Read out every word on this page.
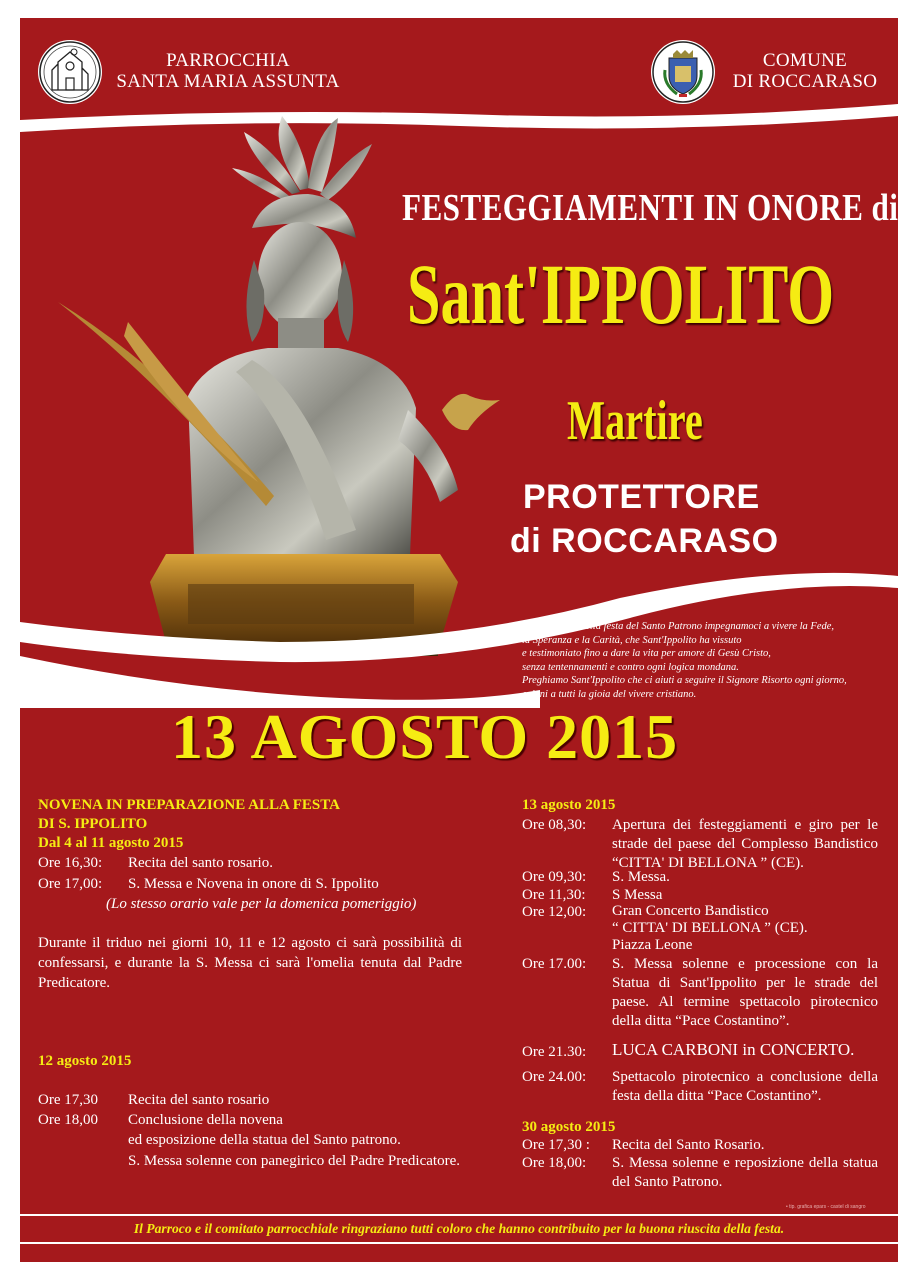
PARROCCHIA
SANTA MARIA ASSUNTA
COMUNE
DI ROCCARASO
FESTEGGIAMENTI IN ONORE di
Sant'IPPOLITO
Martire
PROTETTORE
di ROCCARASO
In prossimità della festa del Santo Patrono impegnamoci a vivere la Fede,
la Speranza e la Carità, che Sant'Ippolito ha vissuto
e testimoniato fino a dare la vita per amore di Gesù Cristo,
senza tentennamenti e contro ogni logica mondana.
Preghiamo Sant'Ippolito che ci aiuti a seguire il Signore Risorto ogni giorno,
e doni a tutti la gioia del vivere cristiano.
13 AGOSTO 2015
NOVENA IN PREPARAZIONE ALLA FESTA
DI S. IPPOLITO
Dal 4 al 11 agosto 2015
Ore 16,30: Recita del santo rosario.
Ore 17,00: S. Messa e Novena in onore di S. Ippolito
(Lo stesso orario vale per la domenica pomeriggio)
Durante il triduo nei giorni 10, 11 e 12 agosto ci sarà possibilità di confessarsi, e durante la S. Messa ci sarà l'omelia tenuta dal Padre Predicatore.
12 agosto 2015
Ore 17,30 Recita del santo rosario
Ore 18,00 Conclusione della novena
ed esposizione della statua del Santo patrono.
S. Messa solenne con panegirico del Padre Predicatore.
13 agosto 2015
Ore 08,30: Apertura dei festeggiamenti e giro per le
strade del paese del Complesso Bandistico
“CITTA' DI BELLONA ” (CE).
Ore 09,30: S. Messa.
Ore 11,30: S Messa
Ore 12,00: Gran Concerto Bandistico
“ CITTA' DI BELLONA ” (CE).
Piazza Leone
Ore 17.00: S. Messa solenne e processione con la Statua di Sant'Ippolito per le strade del paese. Al termine spettacolo pirotecnico della ditta “Pace Costantino”.
Ore 21.30: LUCA CARBONI in CONCERTO.
Ore 24.00: Spettacolo pirotecnico a conclusione della festa della ditta “Pace Costantino”.
30 agosto 2015
Ore 17,30 : Recita del Santo Rosario.
Ore 18,00: S. Messa solenne e reposizione della statua del Santo Patrono.
• tip. grafica epars - castel di sangro
Il Parroco e il comitato parrocchiale ringraziano tutti coloro che hanno contribuito per la buona riuscita della festa.
